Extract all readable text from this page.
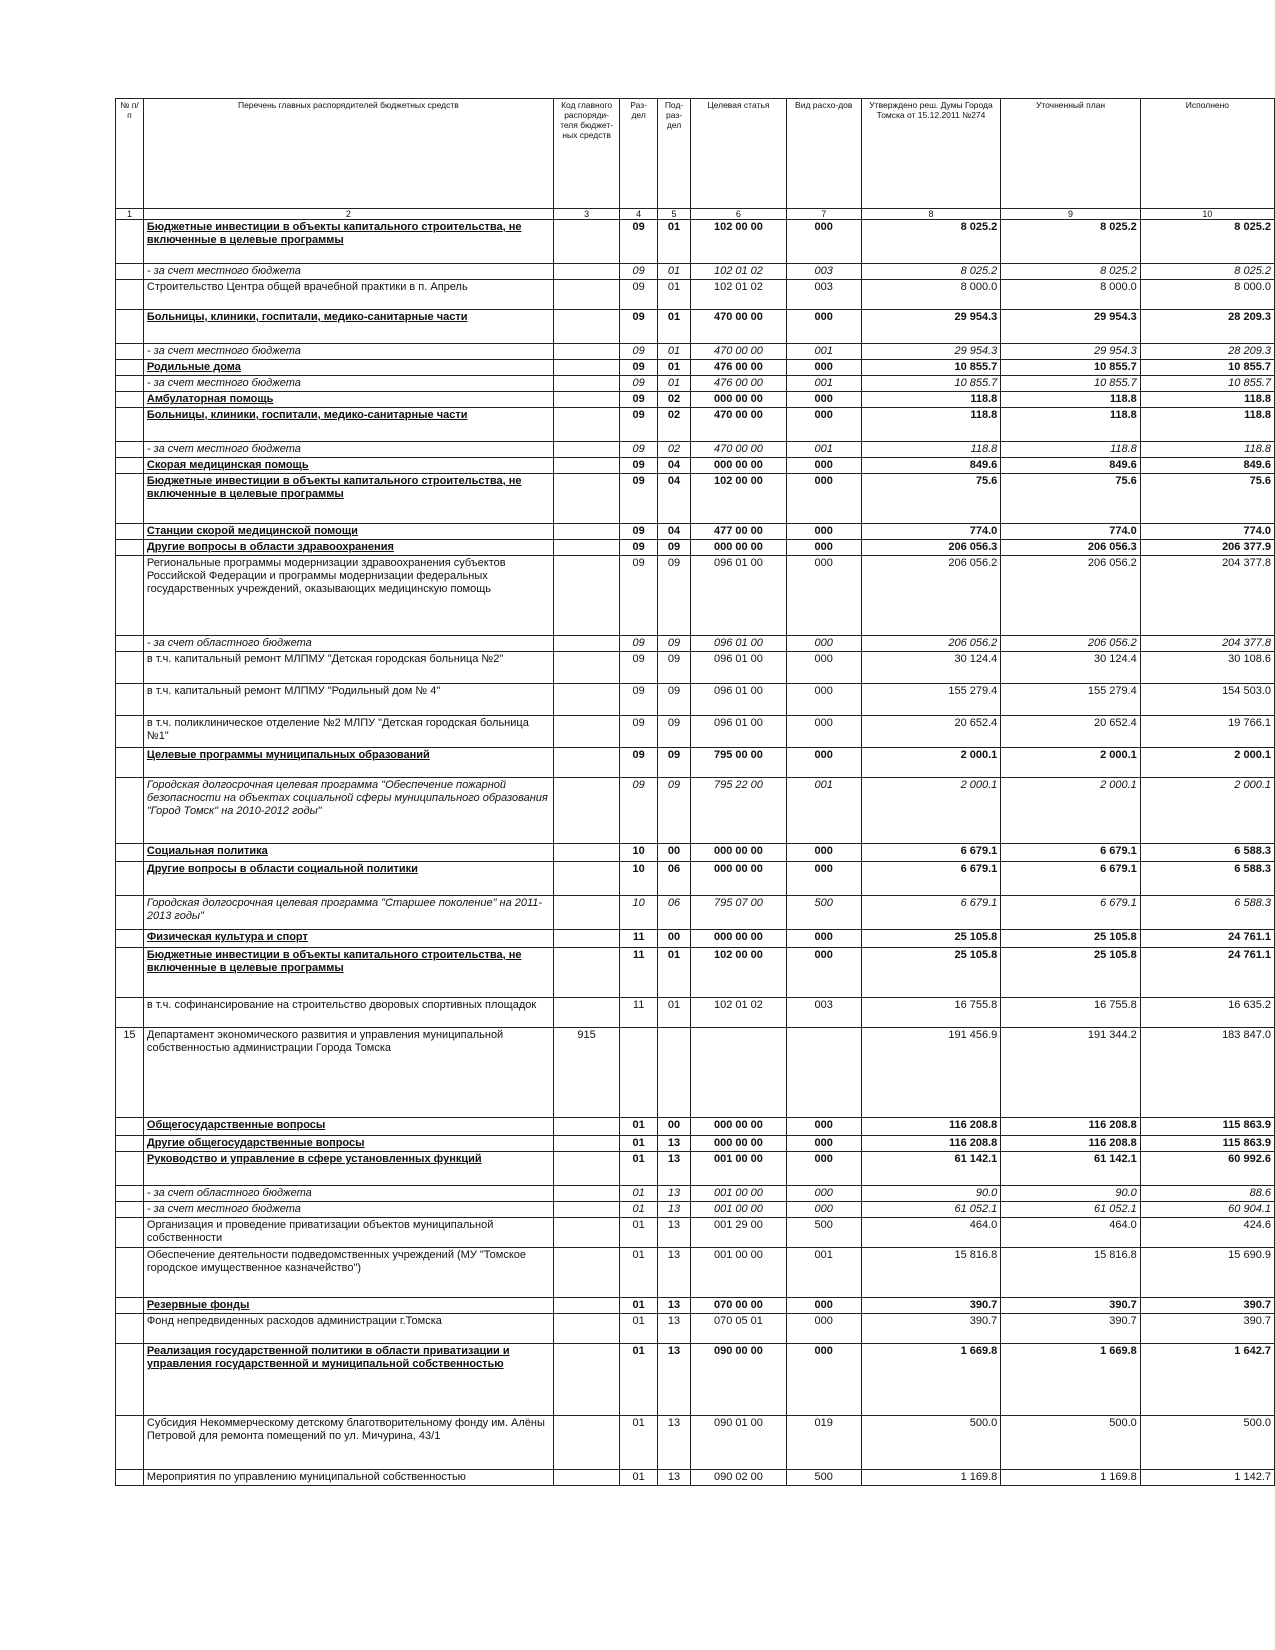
№ п/п	Перечень главных распорядителей бюджетных средств	Код главного распоряди-теля бюджет-ных средств	Раз-дел	Под-раз-дел	Целевая статья	Вид расхо-дов	Утверждено реш. Думы Города Томска от 15.12.2011 №274	Уточненный план	Исполнено
1	2	3	4	5	6	7	8	9	10
	Бюджетные инвестиции в объекты капитального строительства, не включенные в целевые программы		09	01	102 00 00	000	8 025.2	8 025.2	8 025.2
	- за счет местного бюджета		09	01	102 01 02	003	8 025.2	8 025.2	8 025.2
	Строительство Центра общей врачебной практики в п. Апрель		09	01	102 01 02	003	8 000.0	8 000.0	8 000.0
	Больницы, клиники, госпитали, медико-санитарные части		09	01	470 00 00	000	29 954.3	29 954.3	28 209.3
	- за счет местного бюджета		09	01	470 00 00	001	29 954.3	29 954.3	28 209.3
	Родильные дома		09	01	476 00 00	000	10 855.7	10 855.7	10 855.7
	- за счет местного бюджета		09	01	476 00 00	001	10 855.7	10 855.7	10 855.7
	Амбулаторная помощь		09	02	000 00 00	000	118.8	118.8	118.8
	Больницы, клиники, госпитали, медико-санитарные части		09	02	470 00 00	000	118.8	118.8	118.8
	- за счет местного бюджета		09	02	470 00 00	001	118.8	118.8	118.8
	Скорая медицинская помощь		09	04	000 00 00	000	849.6	849.6	849.6
	Бюджетные инвестиции в объекты капитального строительства, не включенные в целевые программы		09	04	102 00 00	000	75.6	75.6	75.6
	Станции скорой медицинской помощи		09	04	477 00 00	000	774.0	774.0	774.0
	Другие вопросы в области здравоохранения		09	09	000 00 00	000	206 056.3	206 056.3	206 377.9
	Региональные программы модернизации здравоохранения субъектов Российской Федерации и программы модернизации федеральных государственных учреждений, оказывающих медицинскую помощь		09	09	096 01 00	000	206 056.2	206 056.2	204 377.8
	- за счет областного бюджета		09	09	096 01 00	000	206 056.2	206 056.2	204 377.8
	в т.ч. капитальный ремонт МЛПМУ "Детская городская больница №2"		09	09	096 01 00	000	30 124.4	30 124.4	30 108.6
	в т.ч. капитальный ремонт МЛПМУ "Родильный дом № 4"		09	09	096 01 00	000	155 279.4	155 279.4	154 503.0
	в т.ч. поликлиническое отделение №2 МЛПУ "Детская городская больница №1"		09	09	096 01 00	000	20 652.4	20 652.4	19 766.1
	Целевые программы муниципальных образований		09	09	795 00 00	000	2 000.1	2 000.1	2 000.1
	Городская долгосрочная целевая программа "Обеспечение пожарной безопасности на объектах социальной сферы муниципального образования "Город Томск" на 2010-2012 годы"		09	09	795 22 00	001	2 000.1	2 000.1	2 000.1
	Социальная политика		10	00	000 00 00	000	6 679.1	6 679.1	6 588.3
	Другие вопросы в области социальной политики		10	06	000 00 00	000	6 679.1	6 679.1	6 588.3
	Городская долгосрочная целевая программа "Старшее поколение" на 2011-2013 годы"		10	06	795 07 00	500	6 679.1	6 679.1	6 588.3
	Физическая культура и спорт		11	00	000 00 00	000	25 105.8	25 105.8	24 761.1
	Бюджетные инвестиции в объекты капитального строительства, не включенные в целевые программы		11	01	102 00 00	000	25 105.8	25 105.8	24 761.1
	в т.ч. софинансирование на строительство дворовых спортивных площадок		11	01	102 01 02	003	16 755.8	16 755.8	16 635.2
15	Департамент экономического развития и управления муниципальной собственностью администрации Города Томска	915					191 456.9	191 344.2	183 847.0
	Общегосударственные вопросы		01	00	000 00 00	000	116 208.8	116 208.8	115 863.9
	Другие общегосударственные вопросы		01	13	000 00 00	000	116 208.8	116 208.8	115 863.9
	Руководство и управление в сфере установленных функций		01	13	001 00 00	000	61 142.1	61 142.1	60 992.6
	- за счет областного бюджета		01	13	001 00 00	000	90.0	90.0	88.6
	- за счет местного бюджета		01	13	001 00 00	000	61 052.1	61 052.1	60 904.1
	Организация и проведение приватизации объектов муниципальной собственности		01	13	001 29 00	500	464.0	464.0	424.6
	Обеспечение деятельности подведомственных учреждений (МУ "Томское городское имущественное казначейство")		01	13	001 00 00	001	15 816.8	15 816.8	15 690.9
	Резервные фонды		01	13	070 00 00	000	390.7	390.7	390.7
	Фонд непредвиденных расходов администрации г.Томска		01	13	070 05 01	000	390.7	390.7	390.7
	Реализация государственной политики в области приватизации и управления государственной и муниципальной собственностью		01	13	090 00 00	000	1 669.8	1 669.8	1 642.7
	Субсидия Некоммерческому детскому благотворительному фонду им. Алёны Петровой для ремонта помещений по ул. Мичурина, 43/1		01	13	090 01 00	019	500.0	500.0	500.0
	Мероприятия по управлению муниципальной собственностью		01	13	090 02 00	500	1 169.8	1 169.8	1 142.7
